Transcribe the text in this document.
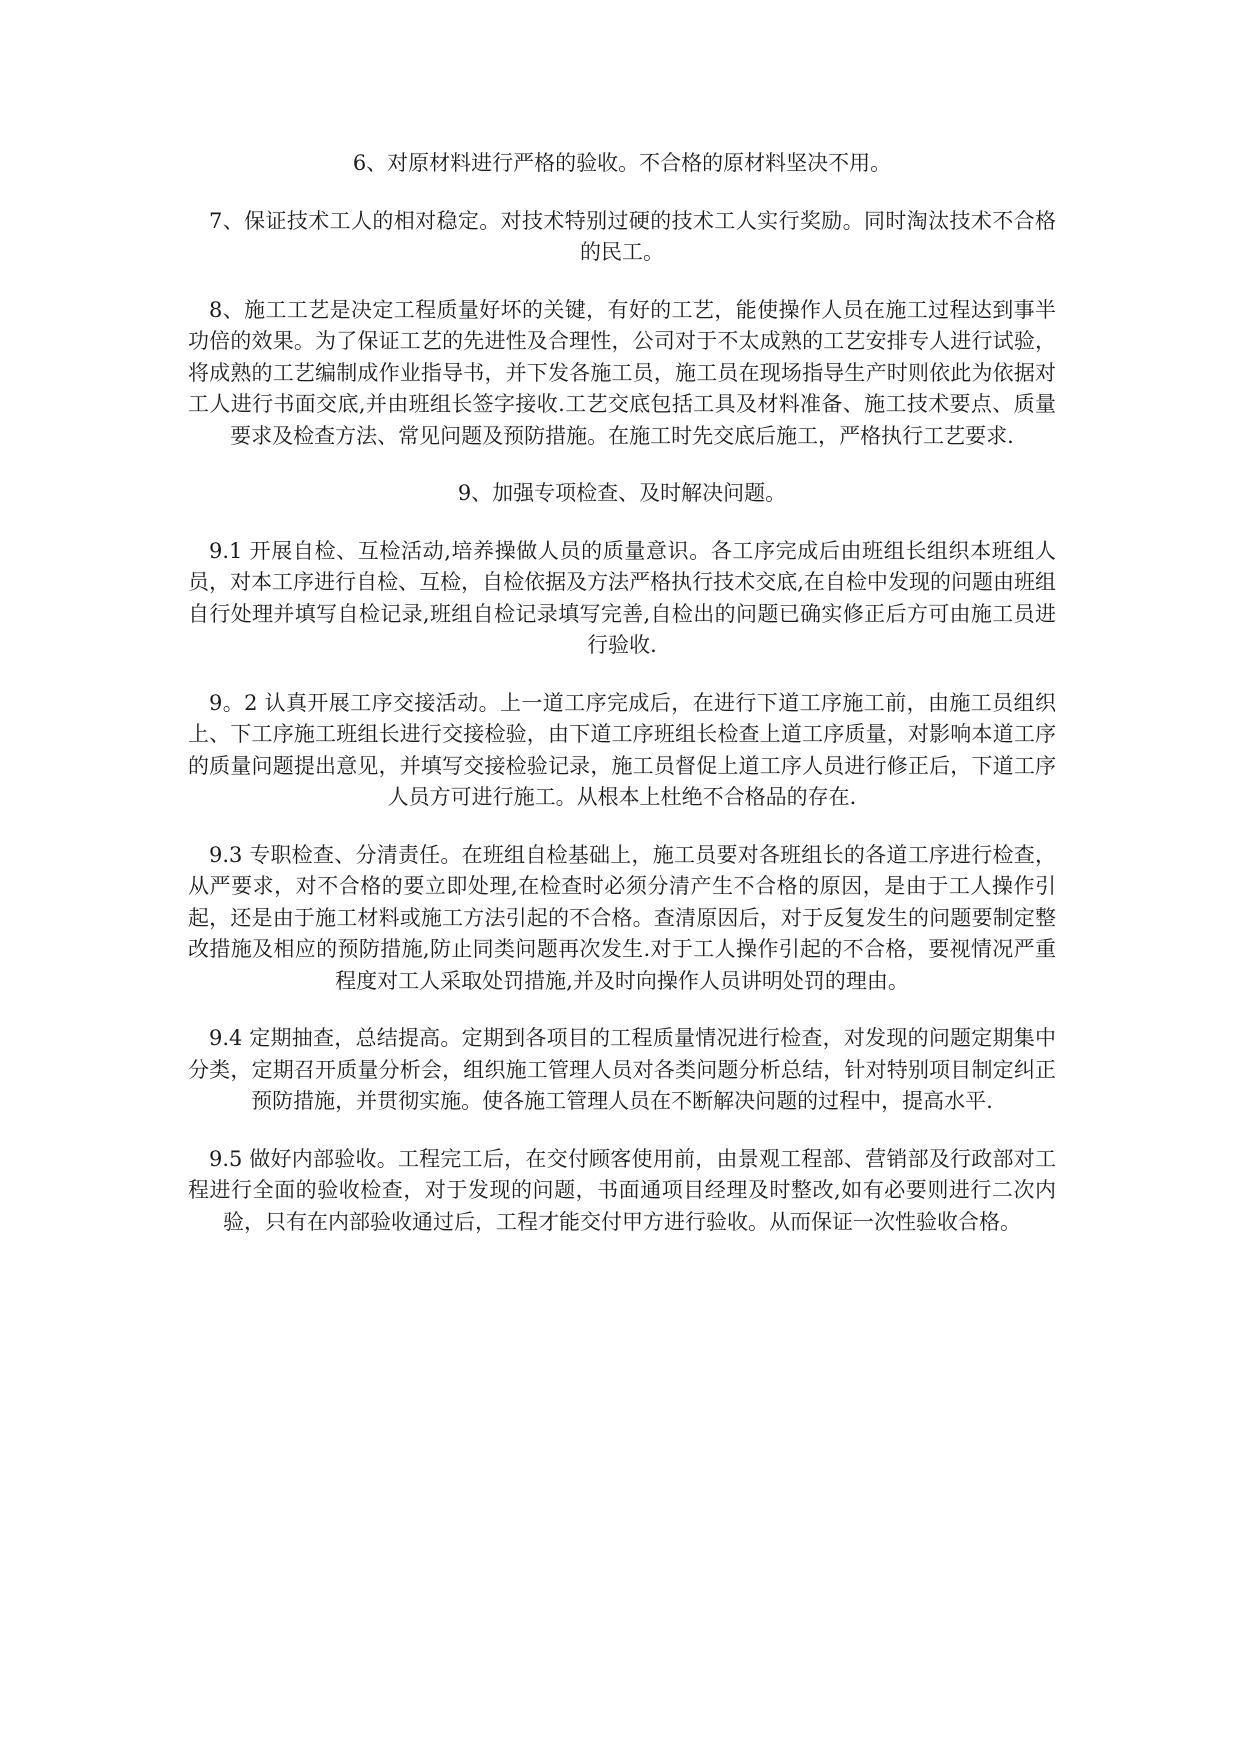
6、对原材料进行严格的验收。不合格的原材料坚决不用。

7、保证技术工人的相对稳定。对技术特别过硬的技术工人实行奖励。同时淘汰技术不合格的民工。

8、施工工艺是决定工程质量好坏的关键，有好的工艺，能使操作人员在施工过程达到事半功倍的效果。为了保证工艺的先进性及合理性，公司对于不太成熟的工艺安排专人进行试验，将成熟的工艺编制成作业指导书，并下发各施工员，施工员在现场指导生产时则依此为依据对工人进行书面交底,并由班组长签字接收.工艺交底包括工具及材料准备、施工技术要点、质量要求及检查方法、常见问题及预防措施。在施工时先交底后施工，严格执行工艺要求.

9、加强专项检查、及时解决问题。

9.1 开展自检、互检活动,培养操做人员的质量意识。各工序完成后由班组长组织本班组人员，对本工序进行自检、互检，自检依据及方法严格执行技术交底,在自检中发现的问题由班组自行处理并填写自检记录,班组自检记录填写完善,自检出的问题已确实修正后方可由施工员进行验收.

9。2 认真开展工序交接活动。上一道工序完成后，在进行下道工序施工前，由施工员组织上、下工序施工班组长进行交接检验，由下道工序班组长检查上道工序质量，对影响本道工序的质量问题提出意见，并填写交接检验记录，施工员督促上道工序人员进行修正后，下道工序人员方可进行施工。从根本上杜绝不合格品的存在.

9.3 专职检查、分清责任。在班组自检基础上，施工员要对各班组长的各道工序进行检查，从严要求，对不合格的要立即处理,在检查时必须分清产生不合格的原因，是由于工人操作引起，还是由于施工材料或施工方法引起的不合格。查清原因后，对于反复发生的问题要制定整改措施及相应的预防措施,防止同类问题再次发生.对于工人操作引起的不合格，要视情况严重程度对工人采取处罚措施,并及时向操作人员讲明处罚的理由。

9.4 定期抽查，总结提高。定期到各项目的工程质量情况进行检查，对发现的问题定期集中分类，定期召开质量分析会，组织施工管理人员对各类问题分析总结，针对特别项目制定纠正预防措施，并贯彻实施。使各施工管理人员在不断解决问题的过程中，提高水平.

9.5 做好内部验收。工程完工后，在交付顾客使用前，由景观工程部、营销部及行政部对工程进行全面的验收检查，对于发现的问题，书面通项目经理及时整改,如有必要则进行二次内验，只有在内部验收通过后，工程才能交付甲方进行验收。从而保证一次性验收合格。
